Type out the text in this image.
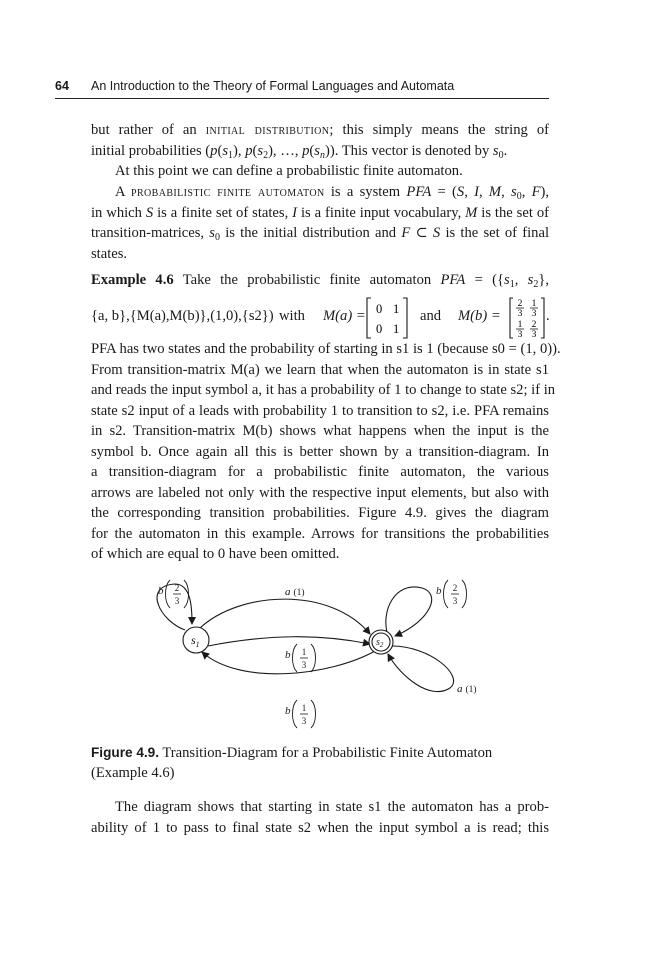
64 An Introduction to the Theory of Formal Languages and Automata

but rather of an initial distribution; this simply means the string of

initial probabilities ($p(s_1)$, $p(s_2)$, …, $p(s_n)$). This vector is denoted by $s_0$.

At this point we can define a probabilistic finite automaton.

A probabilistic finite automaton is a system PFA = (S, I, M, $s_0$, F),

in which S is a finite set of states, I is a finite input vocabulary, M is the set of

transition-matrices, $s_0$ is the initial distribution and F ⊂ S is the set of final

states.

Example 4.6 Take the probabilistic finite automaton PFA = ({$s_1$, $s_2$},

{a, b},{M(a),M(b)},(1,0),{s2}) with M(a) = 0 1
0 1
and M(b) =
2
3
1
3
1
3
2
3
.

PFA has two states and the probability of starting in s1 is 1 (because s0 = (1, 0)).

From transition-matrix M(a) we learn that when the automaton is in state s1

and reads the input symbol a, it has a probability of 1 to change to state s2; if in

state s2 input of a leads with probability 1 to transition to s2, i.e. PFA remains

in s2. Transition-matrix M(b) shows what happens when the input is the

symbol b. Once again all this is better shown by a transition-diagram. In

a transition-diagram for a probabilistic finite automaton, the various

arrows are labeled not only with the respective input elements, but also with

the corresponding transition probabilities. Figure 4.9. gives the diagram

for the automaton in this example. Arrows for transitions the probabilities

of which are equal to 0 have been omitted.

$s_1$	$s_2$
b 2
3
a (1)	b 2
3
b 1
3
b 1
3
a (1)
Figure 4.9. Transition-Diagram for a Probabilistic Finite Automaton
(Example 4.6)

The diagram shows that starting in state s1 the automaton has a prob-

ability of 1 to pass to final state s2 when the input symbol a is read; this
